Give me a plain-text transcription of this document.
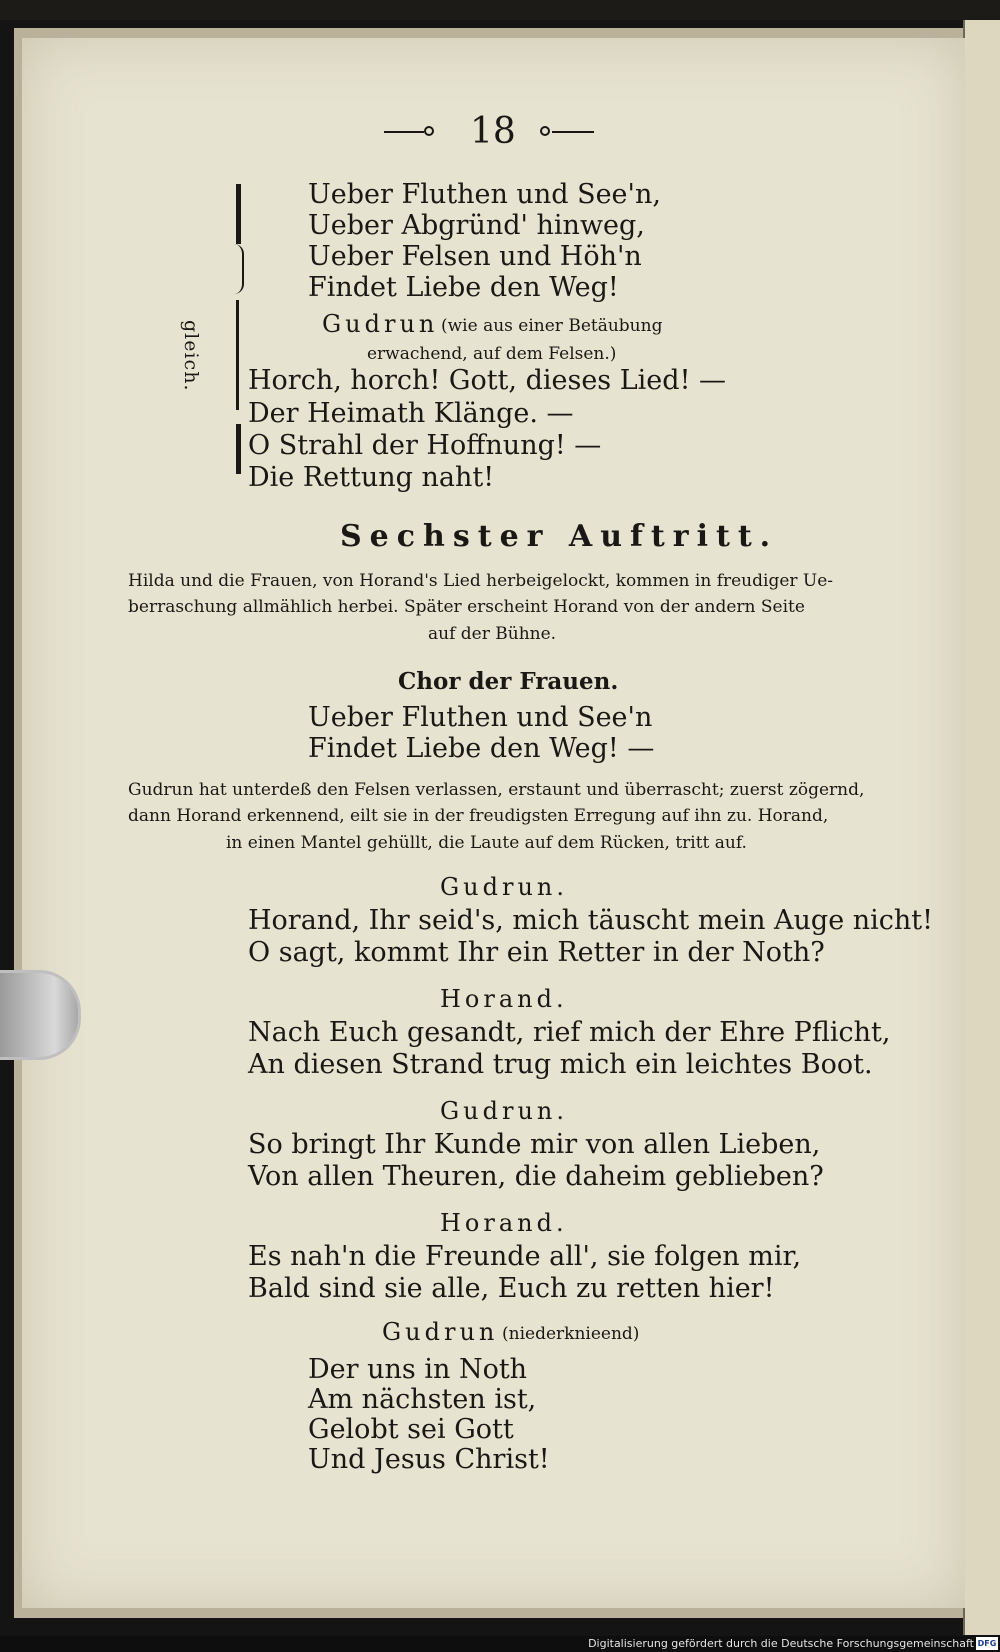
18
gleich.
Ueber Fluthen und See'n,
Ueber Abgründ' hinweg,
Ueber Felsen und Höh'n
Findet Liebe den Weg!
Gudrun (wie aus einer Betäubung
erwachend, auf dem Felsen.)
Horch, horch! Gott, dieses Lied! —
Der Heimath Klänge. —
O Strahl der Hoffnung! —
Die Rettung naht!
Sechster Auftritt.
Hilda und die Frauen, von Horand's Lied herbeigelockt, kommen in freudiger Ue-
berraschung allmählich herbei. Später erscheint Horand von der andern Seite
auf der Bühne.
Chor der Frauen.
Ueber Fluthen und See'n
Findet Liebe den Weg! —
Gudrun hat unterdeß den Felsen verlassen, erstaunt und überrascht; zuerst zögernd,
dann Horand erkennend, eilt sie in der freudigsten Erregung auf ihn zu. Horand,
in einen Mantel gehüllt, die Laute auf dem Rücken, tritt auf.
Gudrun.
Horand, Ihr seid's, mich täuscht mein Auge nicht!
O sagt, kommt Ihr ein Retter in der Noth?
Horand.
Nach Euch gesandt, rief mich der Ehre Pflicht,
An diesen Strand trug mich ein leichtes Boot.
Gudrun.
So bringt Ihr Kunde mir von allen Lieben,
Von allen Theuren, die daheim geblieben?
Horand.
Es nah'n die Freunde all', sie folgen mir,
Bald sind sie alle, Euch zu retten hier!
Gudrun (niederknieend)
Der uns in Noth
Am nächsten ist,
Gelobt sei Gott
Und Jesus Christ!
Digitalisierung gefördert durch die Deutsche Forschungsgemeinschaft DFG
